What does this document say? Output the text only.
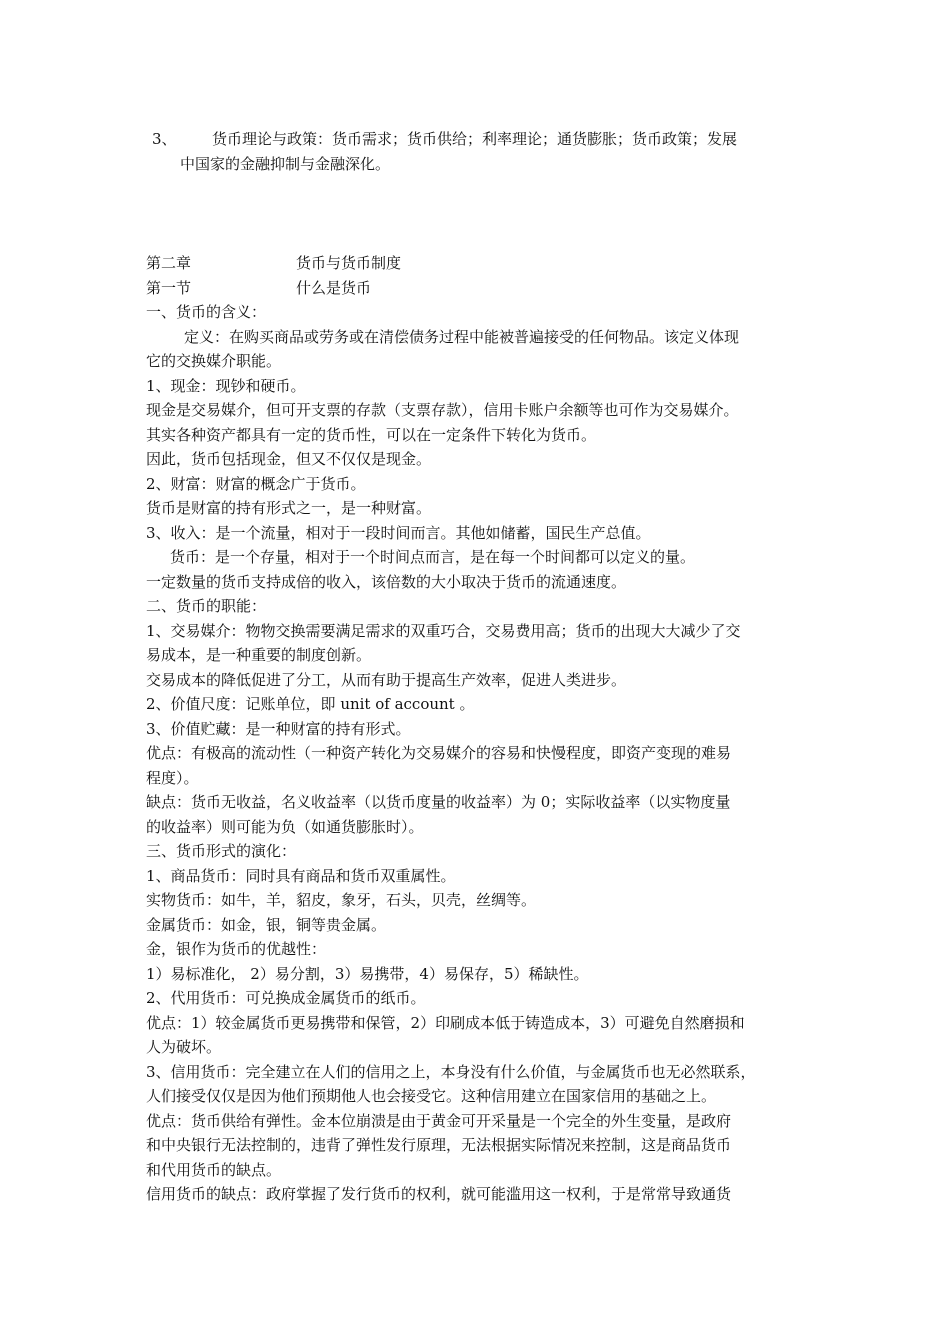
3、	货币理论与政策：货币需求；货币供给；利率理论；通货膨胀；货币政策；发展
中国家的金融抑制与金融深化。

第二章	货币与货币制度

第一节	什么是货币

一、货币的含义：

定义：在购买商品或劳务或在清偿债务过程中能被普遍接受的任何物品。该定义体现

它的交换媒介职能。

1、现金：现钞和硬币。

现金是交易媒介，但可开支票的存款（支票存款），信用卡账户余额等也可作为交易媒介。

其实各种资产都具有一定的货币性，可以在一定条件下转化为货币。

因此，货币包括现金，但又不仅仅是现金。

2、财富：财富的概念广于货币。

货币是财富的持有形式之一，是一种财富。

3、收入：是一个流量，相对于一段时间而言。其他如储蓄，国民生产总值。

货币：是一个存量，相对于一个时间点而言，是在每一个时间都可以定义的量。

一定数量的货币支持成倍的收入，该倍数的大小取决于货币的流通速度。

二、货币的职能：

1、交易媒介：物物交换需要满足需求的双重巧合，交易费用高；货币的出现大大减少了交

易成本，是一种重要的制度创新。

交易成本的降低促进了分工，从而有助于提高生产效率，促进人类进步。

2、价值尺度：记账单位，即 unit of account 。

3、价值贮藏：是一种财富的持有形式。

优点：有极高的流动性（一种资产转化为交易媒介的容易和快慢程度，即资产变现的难易

程度）。

缺点：货币无收益，名义收益率（以货币度量的收益率）为 0；实际收益率（以实物度量

的收益率）则可能为负（如通货膨胀时）。

三、货币形式的演化：

1、商品货币：同时具有商品和货币双重属性。

实物货币：如牛，羊，貂皮，象牙，石头，贝壳，丝绸等。

金属货币：如金，银，铜等贵金属。

金，银作为货币的优越性：

1）易标准化， 2）易分割，3）易携带，4）易保存，5）稀缺性。

2、代用货币：可兑换成金属货币的纸币。

优点：1）较金属货币更易携带和保管，2）印刷成本低于铸造成本，3）可避免自然磨损和

人为破坏。

3、信用货币：完全建立在人们的信用之上，本身没有什么价值，与金属货币也无必然联系，

人们接受仅仅是因为他们预期他人也会接受它。这种信用建立在国家信用的基础之上。

优点：货币供给有弹性。金本位崩溃是由于黄金可开采量是一个完全的外生变量，是政府

和中央银行无法控制的，违背了弹性发行原理，无法根据实际情况来控制，这是商品货币

和代用货币的缺点。

信用货币的缺点：政府掌握了发行货币的权利，就可能滥用这一权利，于是常常导致通货
